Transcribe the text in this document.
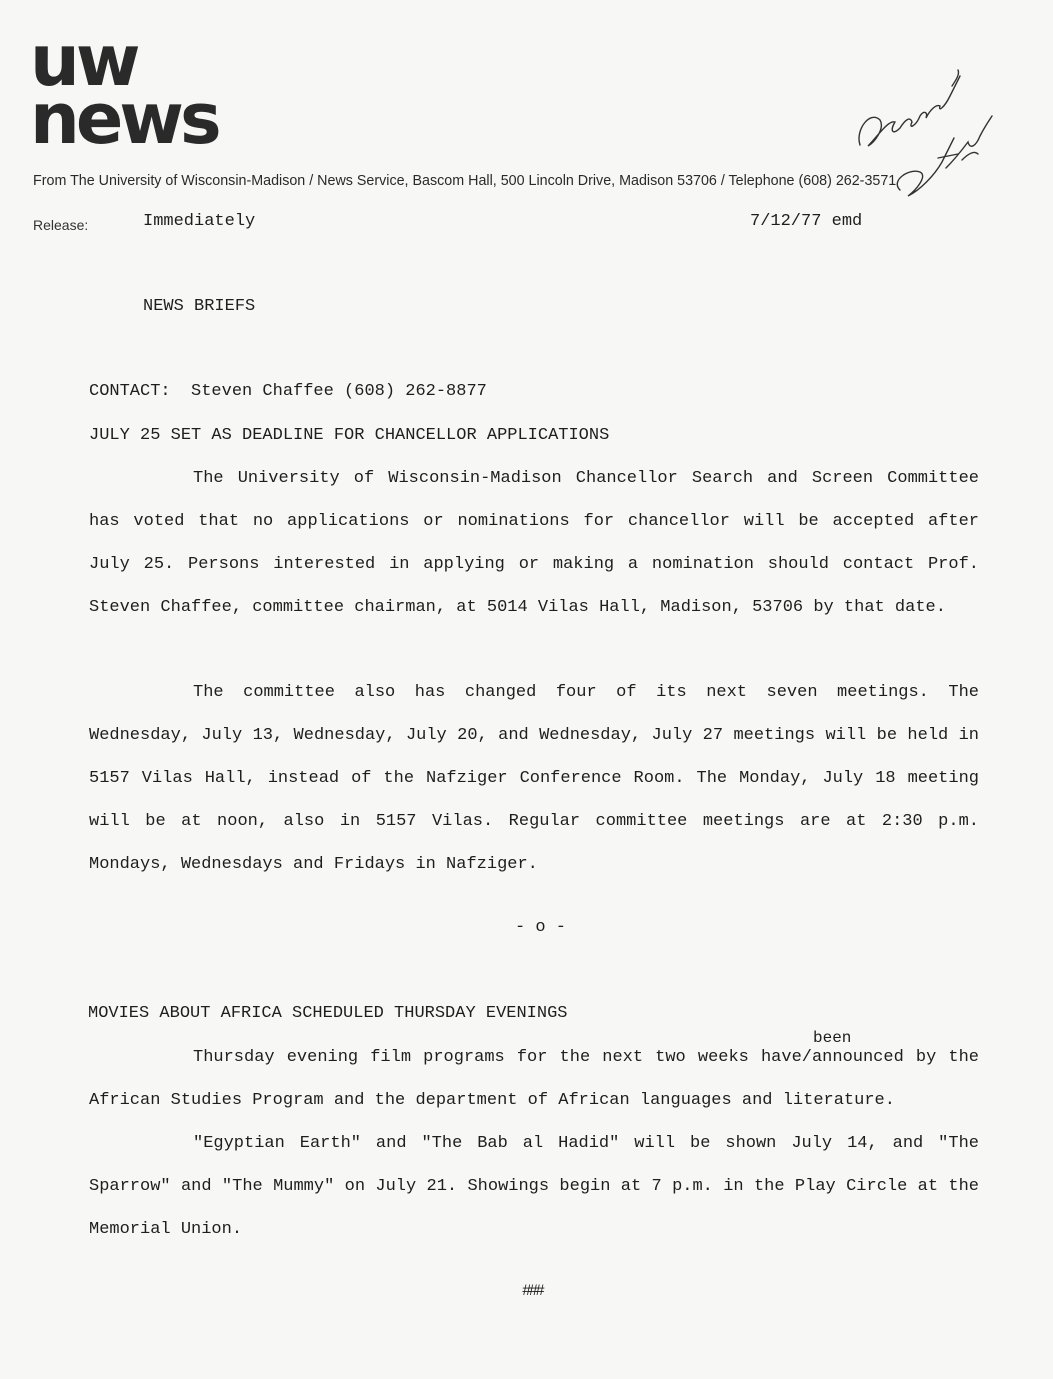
uw
news
From The University of Wisconsin-Madison / News Service, Bascom Hall, 500 Lincoln Drive, Madison 53706 / Telephone (608) 262-3571
Release:	Immediately	7/12/77 emd
NEWS BRIEFS
CONTACT:  Steven Chaffee (608) 262-8877
JULY 25 SET AS DEADLINE FOR CHANCELLOR APPLICATIONS

The University of Wisconsin-Madison Chancellor Search and Screen Committee has voted that no applications or nominations for chancellor will be accepted after July 25. Persons interested in applying or making a nomination should contact Prof. Steven Chaffee, committee chairman, at 5014 Vilas Hall, Madison, 53706 by that date.

The committee also has changed four of its next seven meetings. The Wednesday, July 13, Wednesday, July 20, and Wednesday, July 27 meetings will be held in 5157 Vilas Hall, instead of the Nafziger Conference Room. The Monday, July 18 meeting will be at noon, also in 5157 Vilas. Regular committee meetings are at 2:30 p.m. Mondays, Wednesdays and Fridays in Nafziger.

- o -
MOVIES ABOUT AFRICA SCHEDULED THURSDAY EVENINGS
been

Thursday evening film programs for the next two weeks have/announced by the African Studies Program and the department of African languages and literature.

"Egyptian Earth" and "The Bab al Hadid" will be shown July 14, and "The Sparrow" and "The Mummy" on July 21. Showings begin at 7 p.m. in the Play Circle at the Memorial Union.

###
